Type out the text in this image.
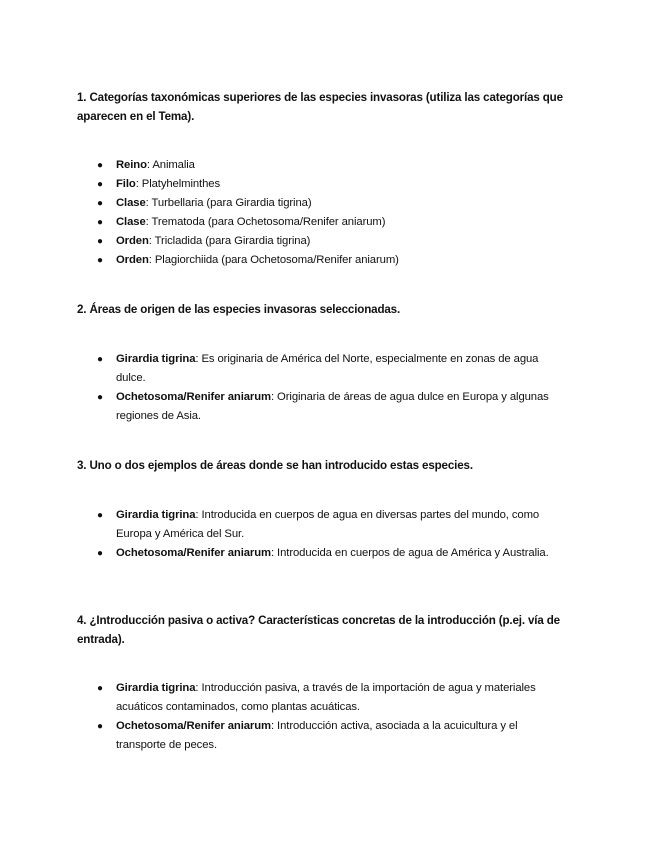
1. Categorías taxonómicas superiores de las especies invasoras (utiliza las categorías que aparecen en el Tema).
●	Reino: Animalia
●	Filo: Platyhelminthes
●	Clase: Turbellaria (para Girardia tigrina)
●	Clase: Trematoda (para Ochetosoma/Renifer aniarum)
●	Orden: Tricladida (para Girardia tigrina)
●	Orden: Plagiorchiida (para Ochetosoma/Renifer aniarum)
2. Áreas de origen de las especies invasoras seleccionadas.
●	Girardia tigrina: Es originaria de América del Norte, especialmente en zonas de agua dulce.
●	Ochetosoma/Renifer aniarum: Originaria de áreas de agua dulce en Europa y algunas regiones de Asia.
3. Uno o dos ejemplos de áreas donde se han introducido estas especies.
●	Girardia tigrina: Introducida en cuerpos de agua en diversas partes del mundo, como Europa y América del Sur.
●	Ochetosoma/Renifer aniarum: Introducida en cuerpos de agua de América y Australia.
4. ¿Introducción pasiva o activa? Características concretas de la introducción (p.ej. vía de entrada).
●	Girardia tigrina: Introducción pasiva, a través de la importación de agua y materiales acuáticos contaminados, como plantas acuáticas.
●	Ochetosoma/Renifer aniarum: Introducción activa, asociada a la acuicultura y el transporte de peces.
